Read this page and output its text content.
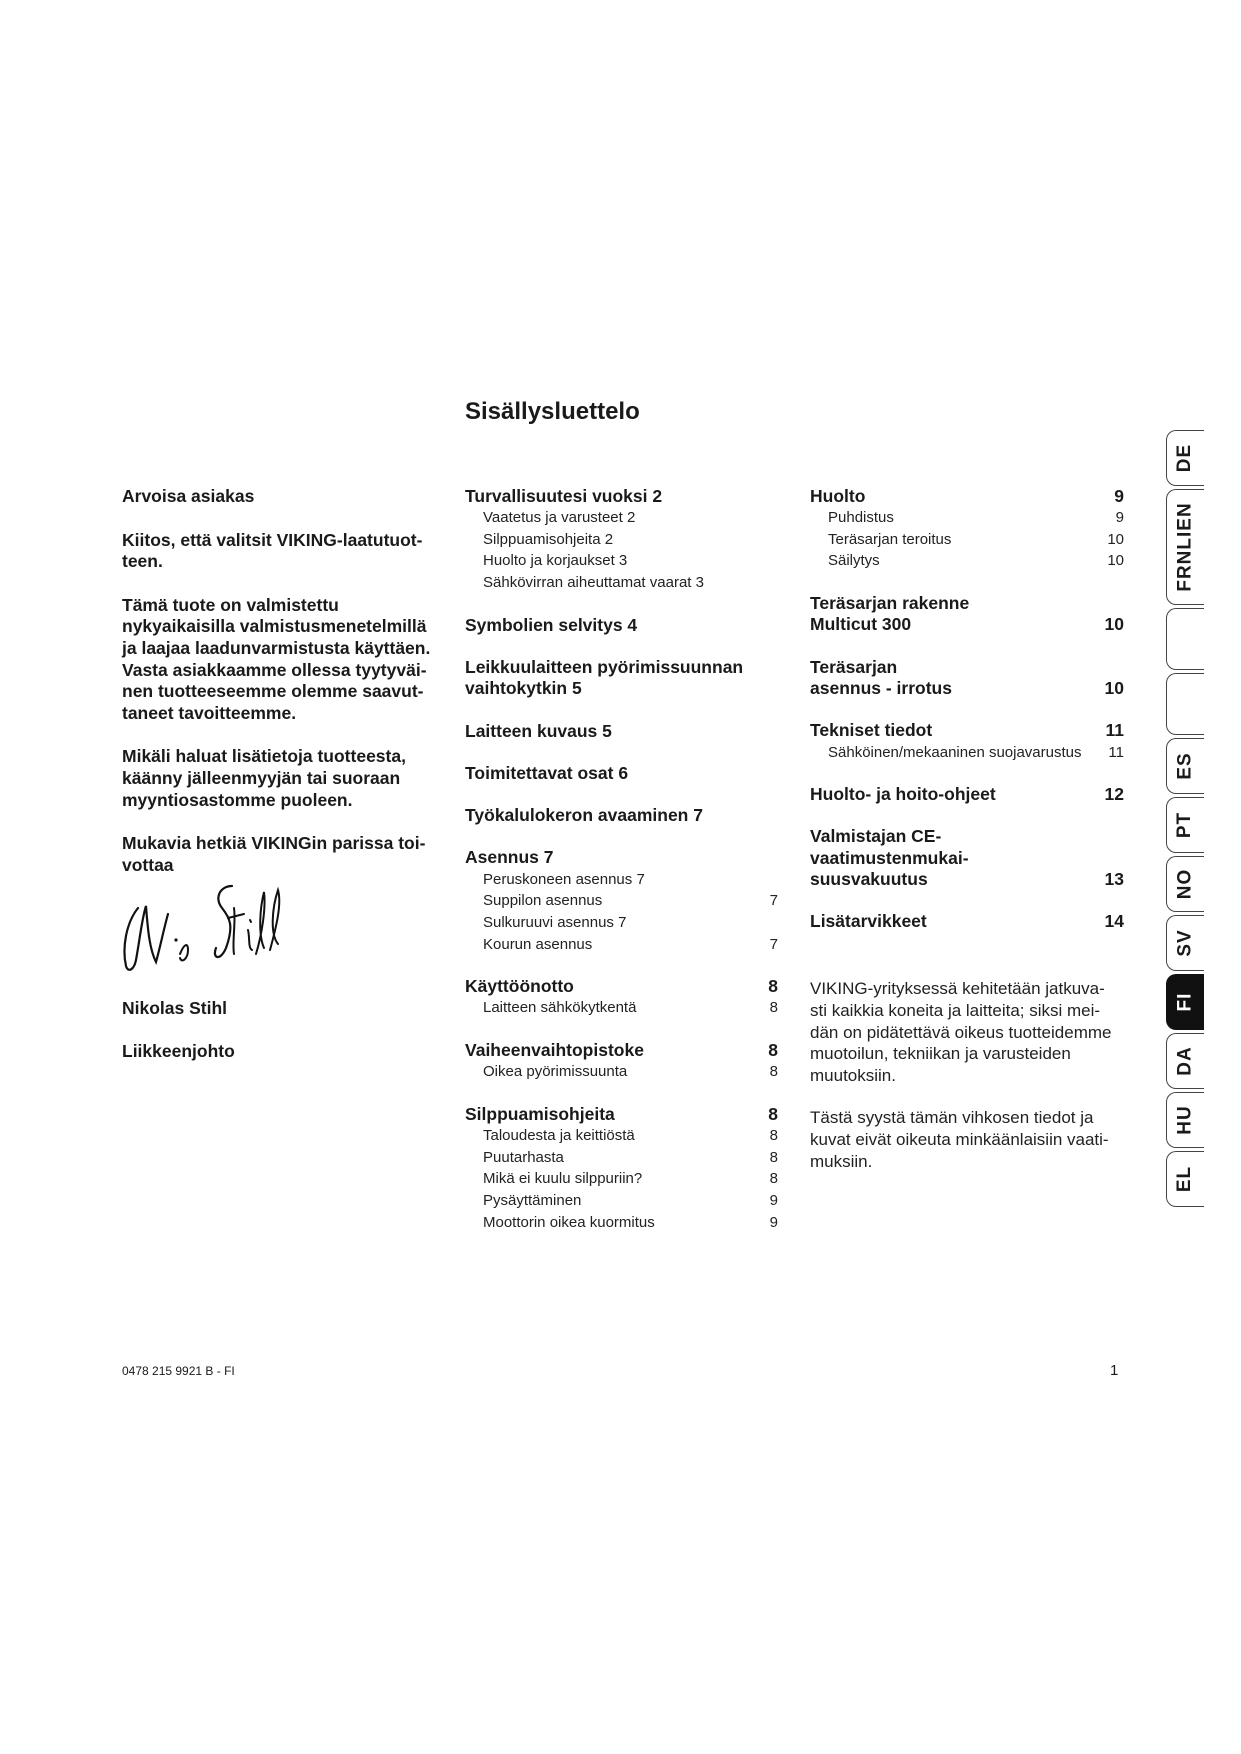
Sisällysluettelo

Arvoisa asiakas

Kiitos, että valitsit VIKING-laatutuot-
teen.

Tämä tuote on valmistettu
nykyaikaisilla valmistusmenetelmillä
ja laajaa laadunvarmistusta käyttäen.
Vasta asiakkaamme ollessa tyytyväi-
nen tuotteeseemme olemme saavut-
taneet tavoitteemme.

Mikäli haluat lisätietoja tuotteesta,
käänny jälleenmyyjän tai suoraan
myyntiosastomme puoleen.

Mukavia hetkiä VIKINGin parissa toi-
vottaa

Nikolas Stihl

Liikkeenjohto

Turvallisuutesi vuoksi 2
Vaatetus ja varusteet 2
Silppuamisohjeita 2
Huolto ja korjaukset 3
Sähkövirran aiheuttamat vaarat 3
Symbolien selvitys 4
Leikkuulaitteen pyörimissuunnan
vaihtokytkin 5
Laitteen kuvaus 5
Toimitettavat osat 6
Työkalulokeron avaaminen 7
Asennus 7
Peruskoneen asennus 7
Suppilon asennus	7
Sulkuruuvi asennus 7
Kourun asennus	7
Käyttöönotto	8
Laitteen sähkökytkentä	8
Vaiheenvaihtopistoke	8
Oikea pyörimissuunta	8
Silppuamisohjeita	8
Taloudesta ja keittiöstä	8
Puutarhasta	8
Mikä ei kuulu silppuriin?	8
Pysäyttäminen	9
Moottorin oikea kuormitus	9
Huolto	9
Puhdistus	9
Teräsarjan teroitus	10
Säilytys	10
Teräsarjan rakenne
Multicut 300	10
Teräsarjan
asennus - irrotus	10
Tekniset tiedot	11
Sähköinen/mekaaninen suojavarustus	11
Huolto- ja hoito-ohjeet	12
Valmistajan CE-vaatimustenmukai-
suusvakuutus	13
Lisätarvikkeet	14

VIKING-yrityksessä kehitetään jatkuva-
sti kaikkia koneita ja laitteita; siksi mei-
dän on pidätettävä oikeus tuotteidemme
muotoilun, tekniikan ja varusteiden
muutoksiin.

Tästä syystä tämän vihkosen tiedot ja
kuvat eivät oikeuta minkäänlaisiin vaati-
muksiin.

0478 215 9921 B - FI	1

DE
FRNLIEN
ES
PT
NO
SV
FI
DA
HU
EL
